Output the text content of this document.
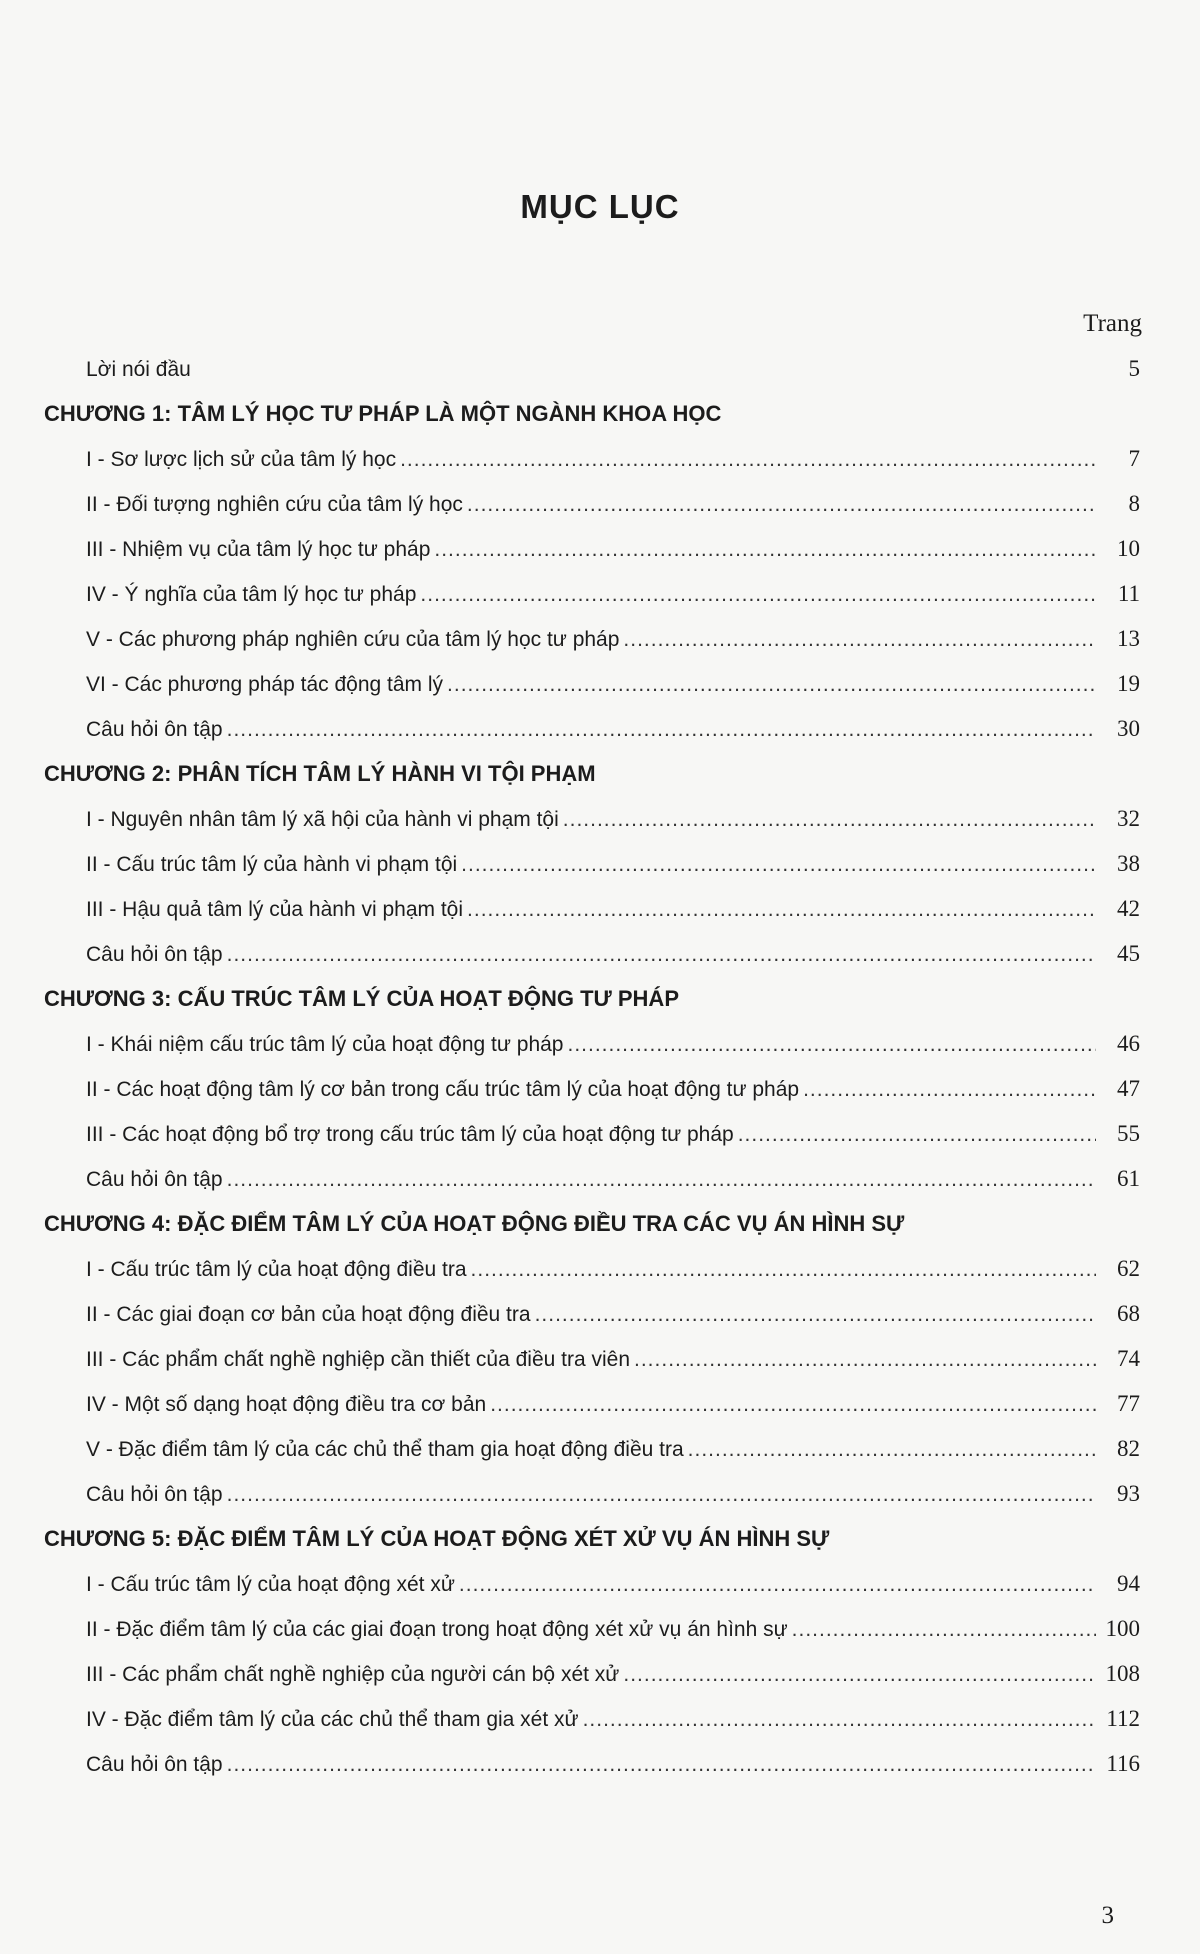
MỤC LỤC
Trang
Lời nói đầu	5
CHƯƠNG 1: TÂM LÝ HỌC TƯ PHÁP LÀ MỘT NGÀNH KHOA HỌC
I - Sơ lược lịch sử của tâm lý học .....	7
II - Đối tượng nghiên cứu của tâm lý học .....	8
III - Nhiệm vụ của tâm lý học tư pháp .....	10
IV - Ý nghĩa của tâm lý học tư pháp .....	11
V - Các phương pháp nghiên cứu của tâm lý học tư pháp .....	13
VI - Các phương pháp tác động tâm lý .....	19
Câu hỏi ôn tập .....	30
CHƯƠNG 2: PHÂN TÍCH TÂM LÝ HÀNH VI TỘI PHẠM
I - Nguyên nhân tâm lý xã hội của hành vi phạm tội .....	32
II - Cấu trúc tâm lý của hành vi phạm tội .....	38
III - Hậu quả tâm lý của hành vi phạm tội .....	42
Câu hỏi ôn tập .....	45
CHƯƠNG 3: CẤU TRÚC TÂM LÝ CỦA HOẠT ĐỘNG TƯ PHÁP
I - Khái niệm cấu trúc tâm lý của hoạt động tư pháp .....	46
II - Các hoạt động tâm lý cơ bản trong cấu trúc tâm lý của hoạt động tư pháp .....	47
III - Các hoạt động bổ trợ trong cấu trúc tâm lý của hoạt động tư pháp .....	55
Câu hỏi ôn tập .....	61
CHƯƠNG 4: ĐẶC ĐIỂM TÂM LÝ CỦA HOẠT ĐỘNG ĐIỀU TRA CÁC VỤ ÁN HÌNH SỰ
I - Cấu trúc tâm lý của hoạt động điều tra .....	62
II - Các giai đoạn cơ bản của hoạt động điều tra .....	68
III - Các phẩm chất nghề nghiệp cần thiết của điều tra viên .....	74
IV - Một số dạng hoạt động điều tra cơ bản .....	77
V - Đặc điểm tâm lý của các chủ thể tham gia hoạt động điều tra .....	82
Câu hỏi ôn tập .....	93
CHƯƠNG 5: ĐẶC ĐIỂM TÂM LÝ CỦA HOẠT ĐỘNG XÉT XỬ VỤ ÁN HÌNH SỰ
I - Cấu trúc tâm lý của hoạt động xét xử .....	94
II - Đặc điểm tâm lý của các giai đoạn trong hoạt động xét xử vụ án hình sự .....	100
III - Các phẩm chất nghề nghiệp của người cán bộ xét xử .....	108
IV - Đặc điểm tâm lý của các chủ thể tham gia xét xử .....	112
Câu hỏi ôn tập .....	116
3
